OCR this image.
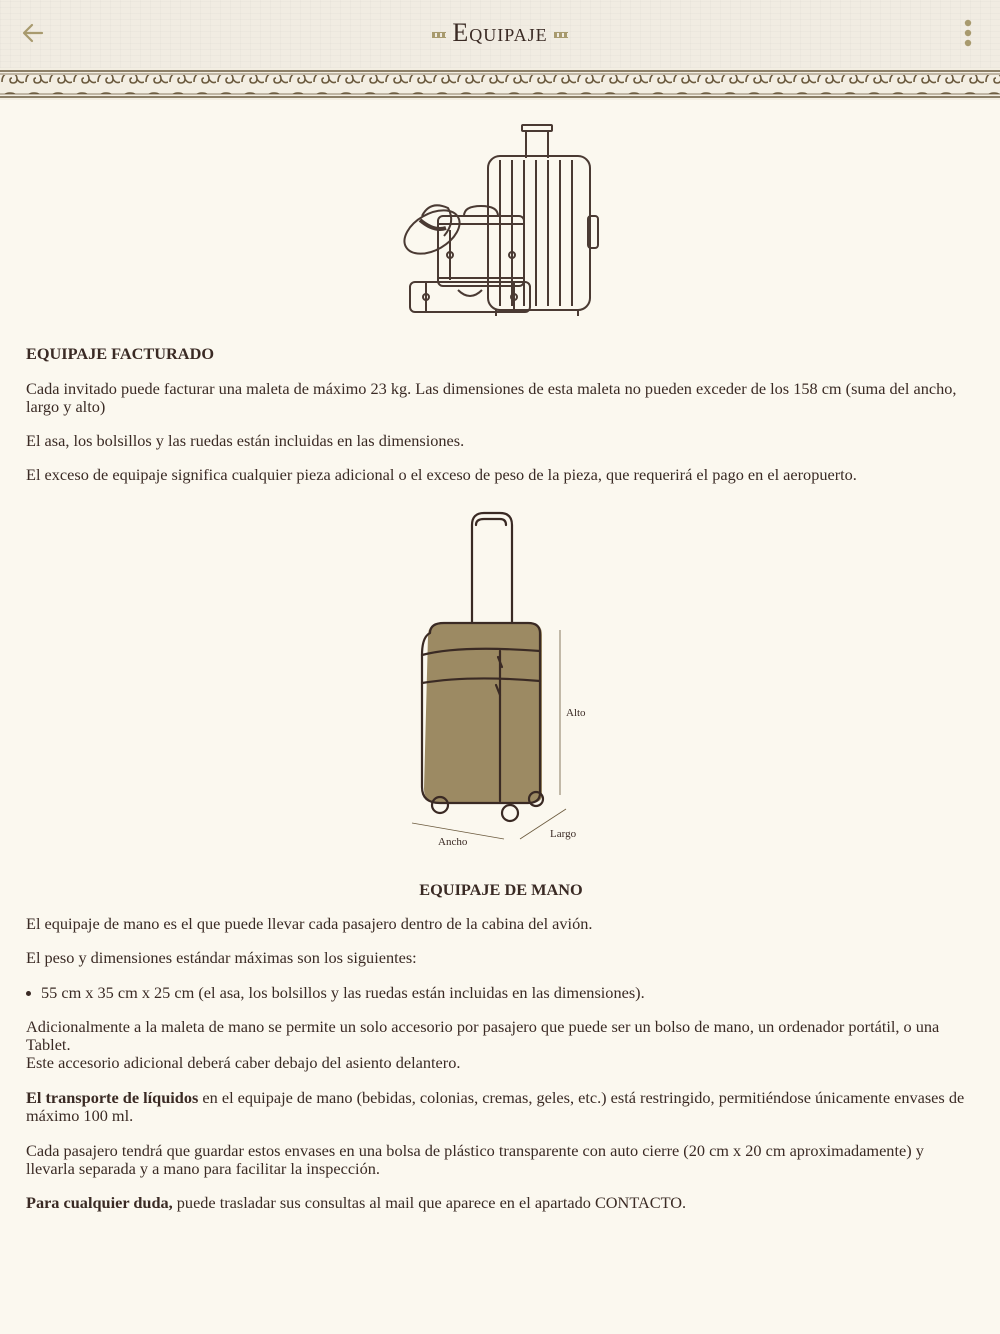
Equipaje

EQUIPAJE FACTURADO

Cada invitado puede facturar una maleta de máximo 23 kg. Las dimensiones de esta maleta no pueden exceder de los 158 cm (suma del ancho, largo y alto)

El asa, los bolsillos y las ruedas están incluidas en las dimensiones.

El exceso de equipaje significa cualquier pieza adicional o el exceso de peso de la pieza, que requerirá el pago en el aeropuerto.

EQUIPAJE DE MANO

El equipaje de mano es el que puede llevar cada pasajero dentro de la cabina del avión.

El peso y dimensiones estándar máximas son los siguientes:

55 cm x 35 cm x 25 cm (el asa, los bolsillos y las ruedas están incluidas en las dimensiones).

Adicionalmente a la maleta de mano se permite un solo accesorio por pasajero que puede ser un bolso de mano, un ordenador portátil, o una Tablet.
Este accesorio adicional deberá caber debajo del asiento delantero.

El transporte de líquidos en el equipaje de mano (bebidas, colonias, cremas, geles, etc.) está restringido, permitiéndose únicamente envases de máximo 100 ml.

Cada pasajero tendrá que guardar estos envases en una bolsa de plástico transparente con auto cierre (20 cm x 20 cm aproximadamente) y llevarla separada y a mano para facilitar la inspección.

Para cualquier duda, puede trasladar sus consultas al mail que aparece en el apartado CONTACTO.

Alto
Largo
Ancho
